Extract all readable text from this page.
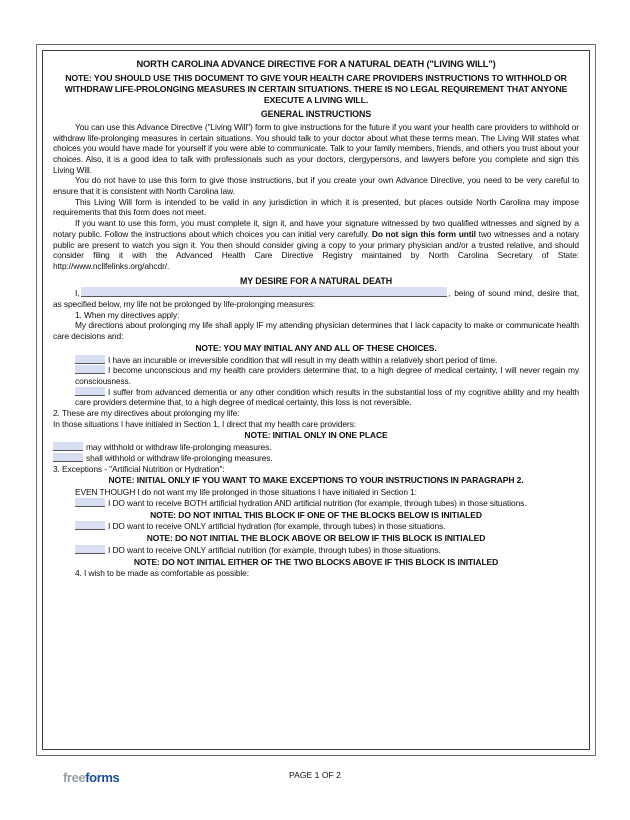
NORTH CAROLINA ADVANCE DIRECTIVE FOR A NATURAL DEATH ("LIVING WILL")
NOTE: YOU SHOULD USE THIS DOCUMENT TO GIVE YOUR HEALTH CARE PROVIDERS INSTRUCTIONS TO WITHHOLD OR WITHDRAW LIFE-PROLONGING MEASURES IN CERTAIN SITUATIONS. THERE IS NO LEGAL REQUIREMENT THAT ANYONE EXECUTE A LIVING WILL.
GENERAL INSTRUCTIONS

You can use this Advance Directive ("Living Will") form to give instructions for the future if you want your health care providers to withhold or withdraw life-prolonging measures in certain situations. You should talk to your doctor about what these terms mean. The Living Will states what choices you would have made for yourself if you were able to communicate. Talk to your family members, friends, and others you trust about your choices. Also, it is a good idea to talk with professionals such as your doctors, clergypersons, and lawyers before you complete and sign this Living Will.

You do not have to use this form to give those instructions, but if you create your own Advance Directive, you need to be very careful to ensure that it is consistent with North Carolina law.

This Living Will form is intended to be valid in any jurisdiction in which it is presented, but places outside North Carolina may impose requirements that this form does not meet.

If you want to use this form, you must complete it, sign it, and have your signature witnessed by two qualified witnesses and signed by a notary public. Follow the instructions about which choices you can initial very carefully. Do not sign this form until two witnesses and a notary public are present to watch you sign it. You then should consider giving a copy to your primary physician and/or a trusted relative, and should consider filing it with the Advanced Health Care Directive Registry maintained by North Carolina Secretary of State: http://www.ncllfelinks.org/ahcdr/.

MY DESIRE FOR A NATURAL DEATH

I,	, being of sound mind, desire that, as specified below, my life not be prolonged by life-prolonging measures:

1. When my directives apply:

My directions about prolonging my life shall apply IF my attending physician determines that I lack capacity to make or communicate health care decisions and:

NOTE: YOU MAY INITIAL ANY AND ALL OF THESE CHOICES.

I have an incurable or irreversible condition that will result in my death within a relatively short period of time.

I become unconscious and my health care providers determine that, to a high degree of medical certainty, I will never regain my consciousness.

I suffer from advanced dementia or any other condition which results in the substantial loss of my cognitive ability and my health care providers determine that, to a high degree of medical certainty, this loss is not reversible.

2. These are my directives about prolonging my life:

In those situations I have initialed in Section 1, I direct that my health care providers:

NOTE: INITIAL ONLY IN ONE PLACE

may withhold or withdraw life-prolonging measures.

shall withhold or withdraw life-prolonging measures.

3. Exceptions - "Artificial Nutrition or Hydration":

NOTE: INITIAL ONLY IF YOU WANT TO MAKE EXCEPTIONS TO YOUR INSTRUCTIONS IN PARAGRAPH 2.

EVEN THOUGH I do not want my life prolonged in those situations I have initialed in Section 1:

I DO want to receive BOTH artificial hydration AND artificial nutrition (for example, through tubes) in those situations.

NOTE: DO NOT INITIAL THIS BLOCK IF ONE OF THE BLOCKS BELOW IS INITIALED

I DO want to receive ONLY artificial hydration (for example, through tubes) in those situations.

NOTE: DO NOT INITIAL THE BLOCK ABOVE OR BELOW IF THIS BLOCK IS INITIALED

I DO want to receive ONLY artificial nutrition (for example, through tubes) in those situations.

NOTE: DO NOT INITIAL EITHER OF THE TWO BLOCKS ABOVE IF THIS BLOCK IS INITIALED

4. I wish to be made as comfortable as possible:

freeforms	PAGE 1 OF 2
